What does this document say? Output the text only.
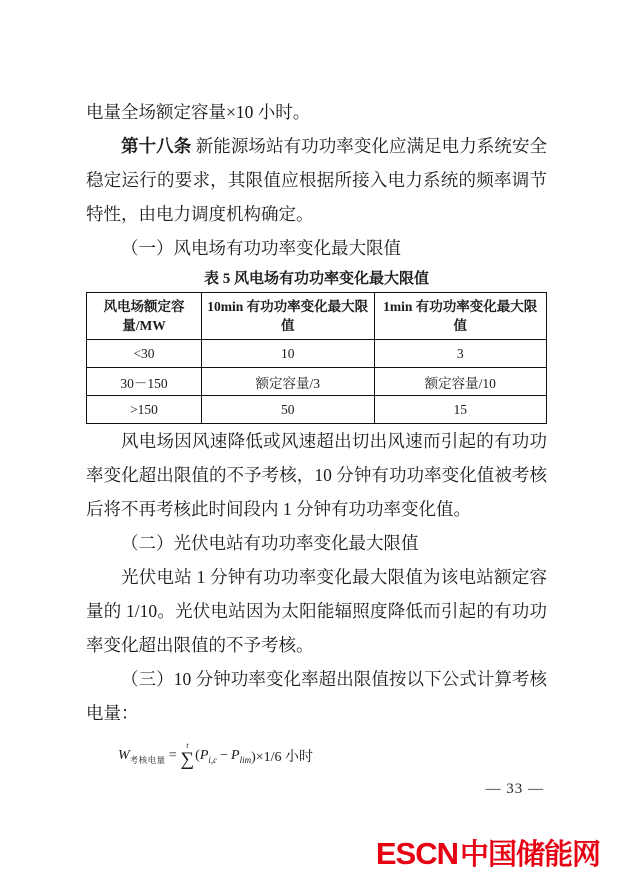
电量全场额定容量×10 小时。

第十八条 新能源场站有功功率变化应满足电力系统安全稳定运行的要求，其限值应根据所接入电力系统的频率调节特性，由电力调度机构确定。

（一）风电场有功功率变化最大限值

表 5 风电场有功功率变化最大限值
风电场额定容量/MW	10min 有功功率变化最大限值	1min 有功功率变化最大限值
<30	10	3
30－150	额定容量/3	额定容量/10
>150	50	15

风电场因风速降低或风速超出切出风速而引起的有功功率变化超出限值的不予考核，10 分钟有功功率变化值被考核后将不再考核此时间段内 1 分钟有功功率变化值。

（二）光伏电站有功功率变化最大限值

光伏电站 1 分钟有功功率变化最大限值为该电站额定容量的 1/10。光伏电站因为太阳能辐照度降低而引起的有功功率变化超出限值的不予考核。

（三）10 分钟功率变化率超出限值按以下公式计算考核电量：

W 考核电量 =
t
∑ ( P i,c − P lim )×1/6 小时
— 33 —
ESCN 中国储能网
